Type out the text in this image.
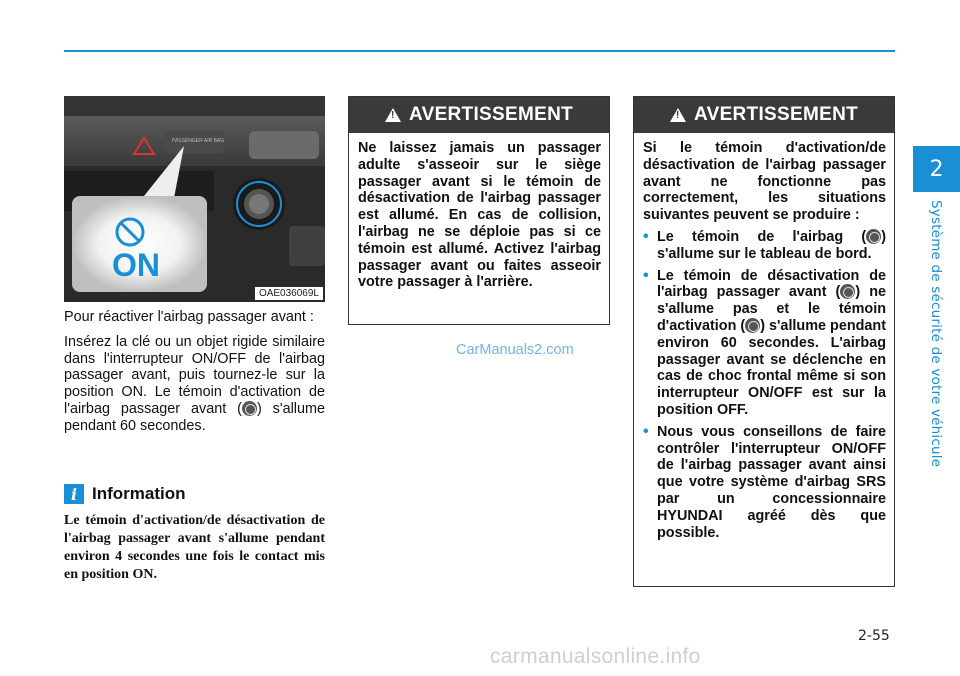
2
Système de sécurité de votre véhicule
PASSENGER AIR BAG
ON
OAE036069L

Pour réactiver l'airbag passager avant :

Insérez la clé ou un objet rigide similaire dans l'interrupteur ON/OFF de l'airbag passager avant, puis tournez-le sur la position ON. Le témoin d'activation de l'airbag passager avant ( ) s'allume pendant 60 secondes.

i Information
Le témoin d'activation/de désactivation de l'airbag passager avant s'allume pendant environ 4 secondes une fois le contact mis en position ON.
!
AVERTISSEMENT
Ne laissez jamais un passager adulte s'asseoir sur le siège passager avant si le témoin de désactivation de l'airbag passager est allumé. En cas de collision, l'airbag ne se déploie pas si ce témoin est allumé. Activez l'airbag passager avant ou faites asseoir votre passager à l'arrière.
!
AVERTISSEMENT
Si le témoin d'activation/de désactivation de l'airbag passager avant ne fonctionne pas correctement, les situations suivantes peuvent se produire :
• Le témoin de l'airbag ( ) s'allume sur le tableau de bord.
• Le témoin de désactivation de l'airbag passager avant ( ) ne s'allume pas et le témoin d'activation ( ) s'allume pendant environ 60 secondes. L'airbag passager avant se déclenche en cas de choc frontal même si son interrupteur ON/OFF est sur la position OFF.
• Nous vous conseillons de faire contrôler l'interrupteur ON/OFF de l'airbag passager avant ainsi que votre système d'airbag SRS par un concessionnaire HYUNDAI agréé dès que possible.
CarManuals2.com
2-55
carmanualsonline.info
